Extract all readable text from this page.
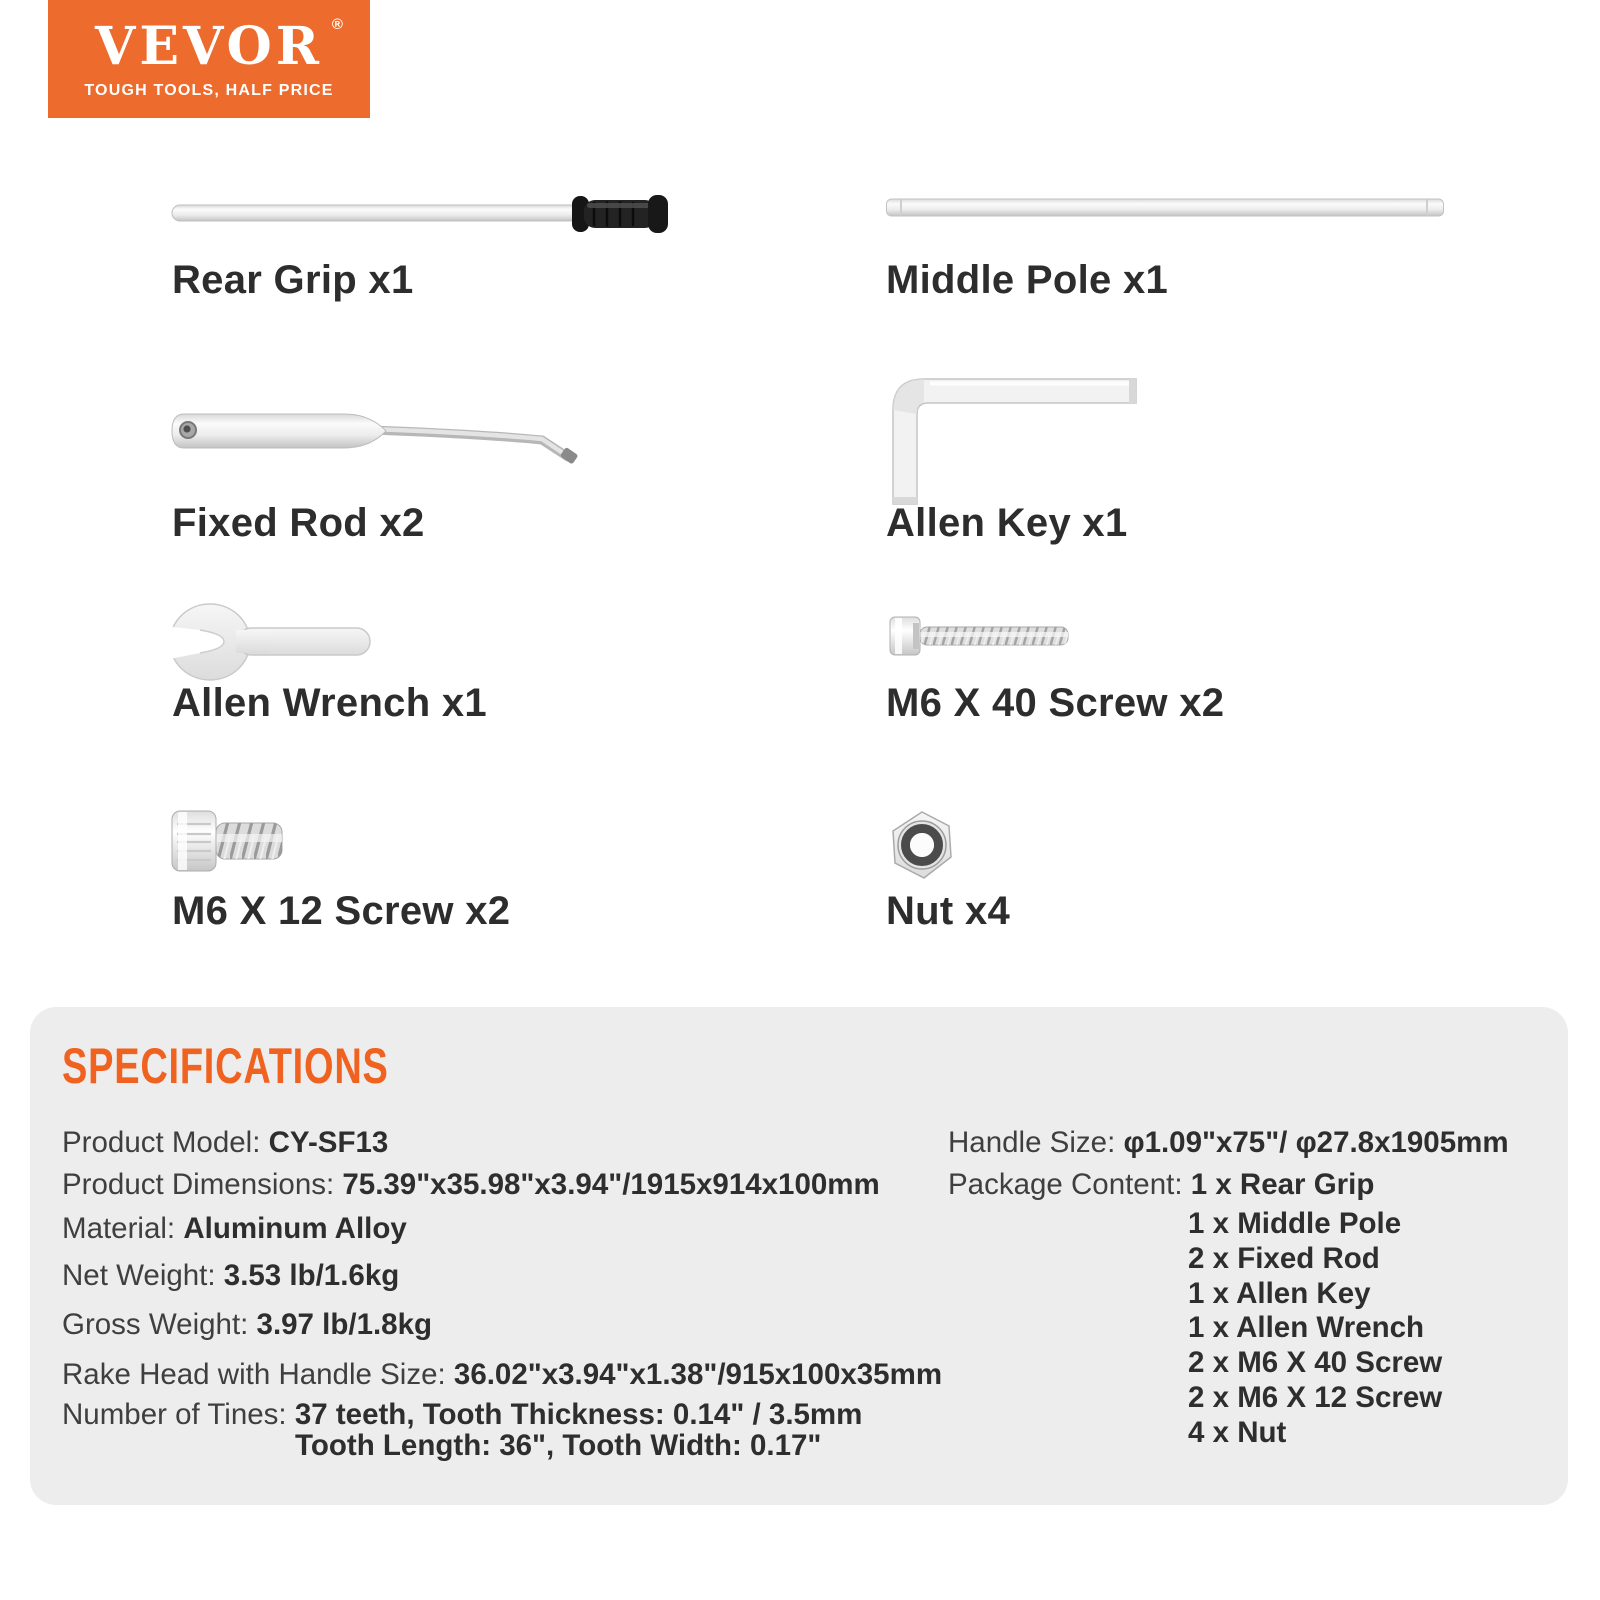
VEVOR ®
TOUGH TOOLS, HALF PRICE
Rear Grip x1	Middle Pole x1
Fixed Rod x2	Allen Key x1
Allen Wrench x1	M6 X 40 Screw x2
M6 X 12 Screw x2	Nut x4
SPECIFICATIONS
Product Model: CY-SF13
Product Dimensions: 75.39"x35.98"x3.94"/1915x914x100mm
Material: Aluminum Alloy
Net Weight: 3.53 lb/1.6kg
Gross Weight: 3.97 lb/1.8kg
Rake Head with Handle Size: 36.02"x3.94"x1.38"/915x100x35mm
Number of Tines: 37 teeth, Tooth Thickness: 0.14" / 3.5mm
Tooth Length: 36", Tooth Width: 0.17"
Handle Size: φ1.09"x75"/ φ27.8x1905mm
Package Content: 1 x Rear Grip
1 x Middle Pole
2 x Fixed Rod
1 x Allen Key
1 x Allen Wrench
2 x M6 X 40 Screw
2 x M6 X 12 Screw
4 x Nut
